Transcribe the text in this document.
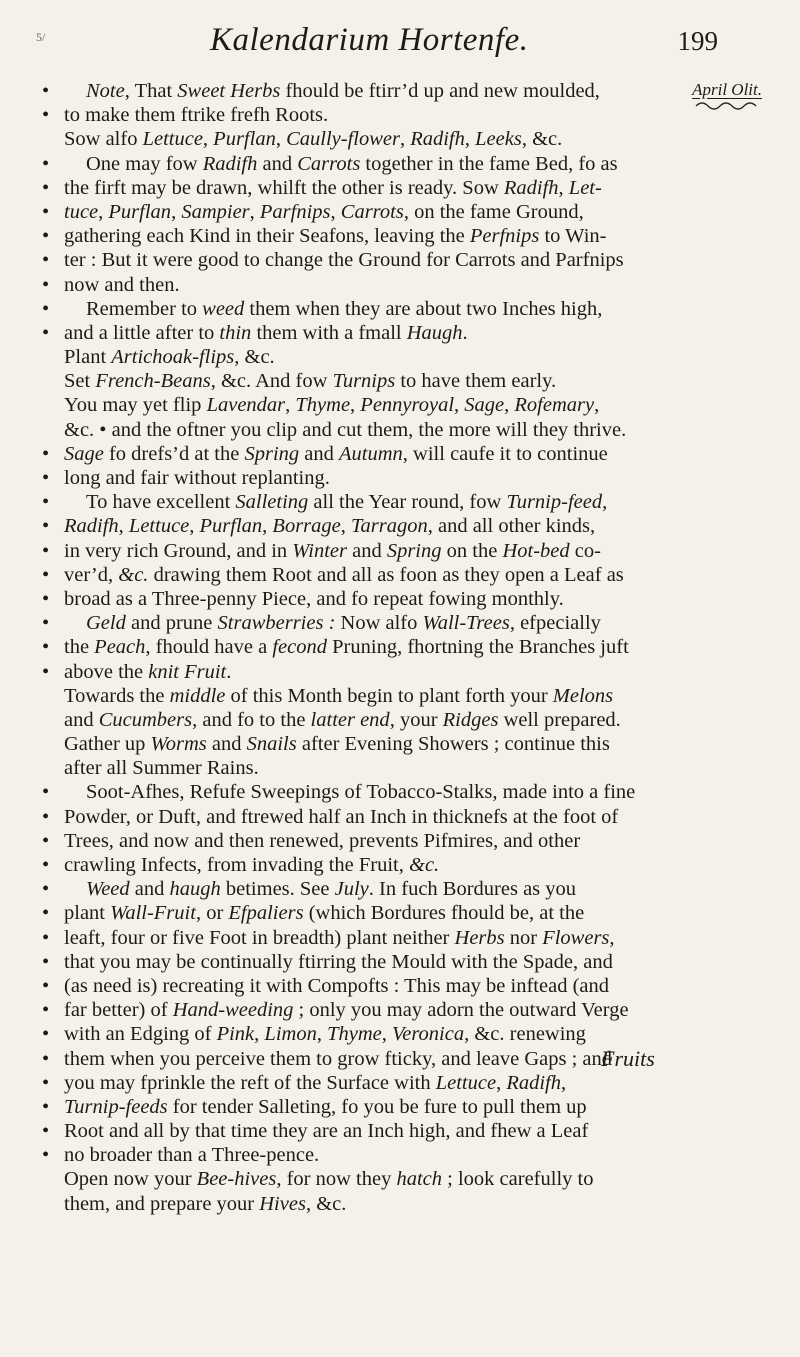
5/	Kalendarium Hortenfe.	199
April Olit.
• Note, That Sweet Herbs fhould be ftirr’d up and new moulded,
• to make them ftrike frefh Roots.
Sow alfo Lettuce, Purflan, Caully-flower, Radifh, Leeks, &c.
• One may fow Radifh and Carrots together in the fame Bed, fo as
• the firft may be drawn, whilft the other is ready. Sow Radifh, Let-
• tuce, Purflan, Sampier, Parfnips, Carrots, on the fame Ground,
• gathering each Kind in their Seafons, leaving the Perfnips to Win-
• ter : But it were good to change the Ground for Carrots and Parfnips
• now and then.
• Remember to weed them when they are about two Inches high,
• and a little after to thin them with a fmall Haugh.
Plant Artichoak-flips, &c.
Set French-Beans, &c. And fow Turnips to have them early.
You may yet flip Lavendar, Thyme, Pennyroyal, Sage, Rofemary,
&c. • and the oftner you clip and cut them, the more will they thrive.
• Sage fo drefs’d at the Spring and Autumn, will caufe it to continue
• long and fair without replanting.
• To have excellent Salleting all the Year round, fow Turnip-feed,
• Radifh, Lettuce, Purflan, Borrage, Tarragon, and all other kinds,
• in very rich Ground, and in Winter and Spring on the Hot-bed co-
• ver’d, &c. drawing them Root and all as foon as they open a Leaf as
• broad as a Three-penny Piece, and fo repeat fowing monthly.
• Geld and prune Strawberries : Now alfo Wall-Trees, efpecially
• the Peach, fhould have a fecond Pruning, fhortning the Branches juft
• above the knit Fruit.
Towards the middle of this Month begin to plant forth your Melons
and Cucumbers, and fo to the latter end, your Ridges well prepared.
Gather up Worms and Snails after Evening Showers ; continue this
after all Summer Rains.
• Soot-Afhes, Refufe Sweepings of Tobacco-Stalks, made into a fine
• Powder, or Duft, and ftrewed half an Inch in thicknefs at the foot of
• Trees, and now and then renewed, prevents Pifmires, and other
• crawling Infects, from invading the Fruit, &c.
• Weed and haugh betimes. See July. In fuch Bordures as you
• plant Wall-Fruit, or Efpaliers (which Bordures fhould be, at the
• leaft, four or five Foot in breadth) plant neither Herbs nor Flowers,
• that you may be continually ftirring the Mould with the Spade, and
• (as need is) recreating it with Compofts : This may be inftead (and
• far better) of Hand-weeding ; only you may adorn the outward Verge
• with an Edging of Pink, Limon, Thyme, Veronica, &c. renewing
• them when you perceive them to grow fticky, and leave Gaps ; and
• you may fprinkle the reft of the Surface with Lettuce, Radifh,
• Turnip-feeds for tender Salleting, fo you be fure to pull them up
• Root and all by that time they are an Inch high, and fhew a Leaf
• no broader than a Three-pence.
Open now your Bee-hives, for now they hatch ; look carefully to
them, and prepare your Hives, &c.
Fruits
